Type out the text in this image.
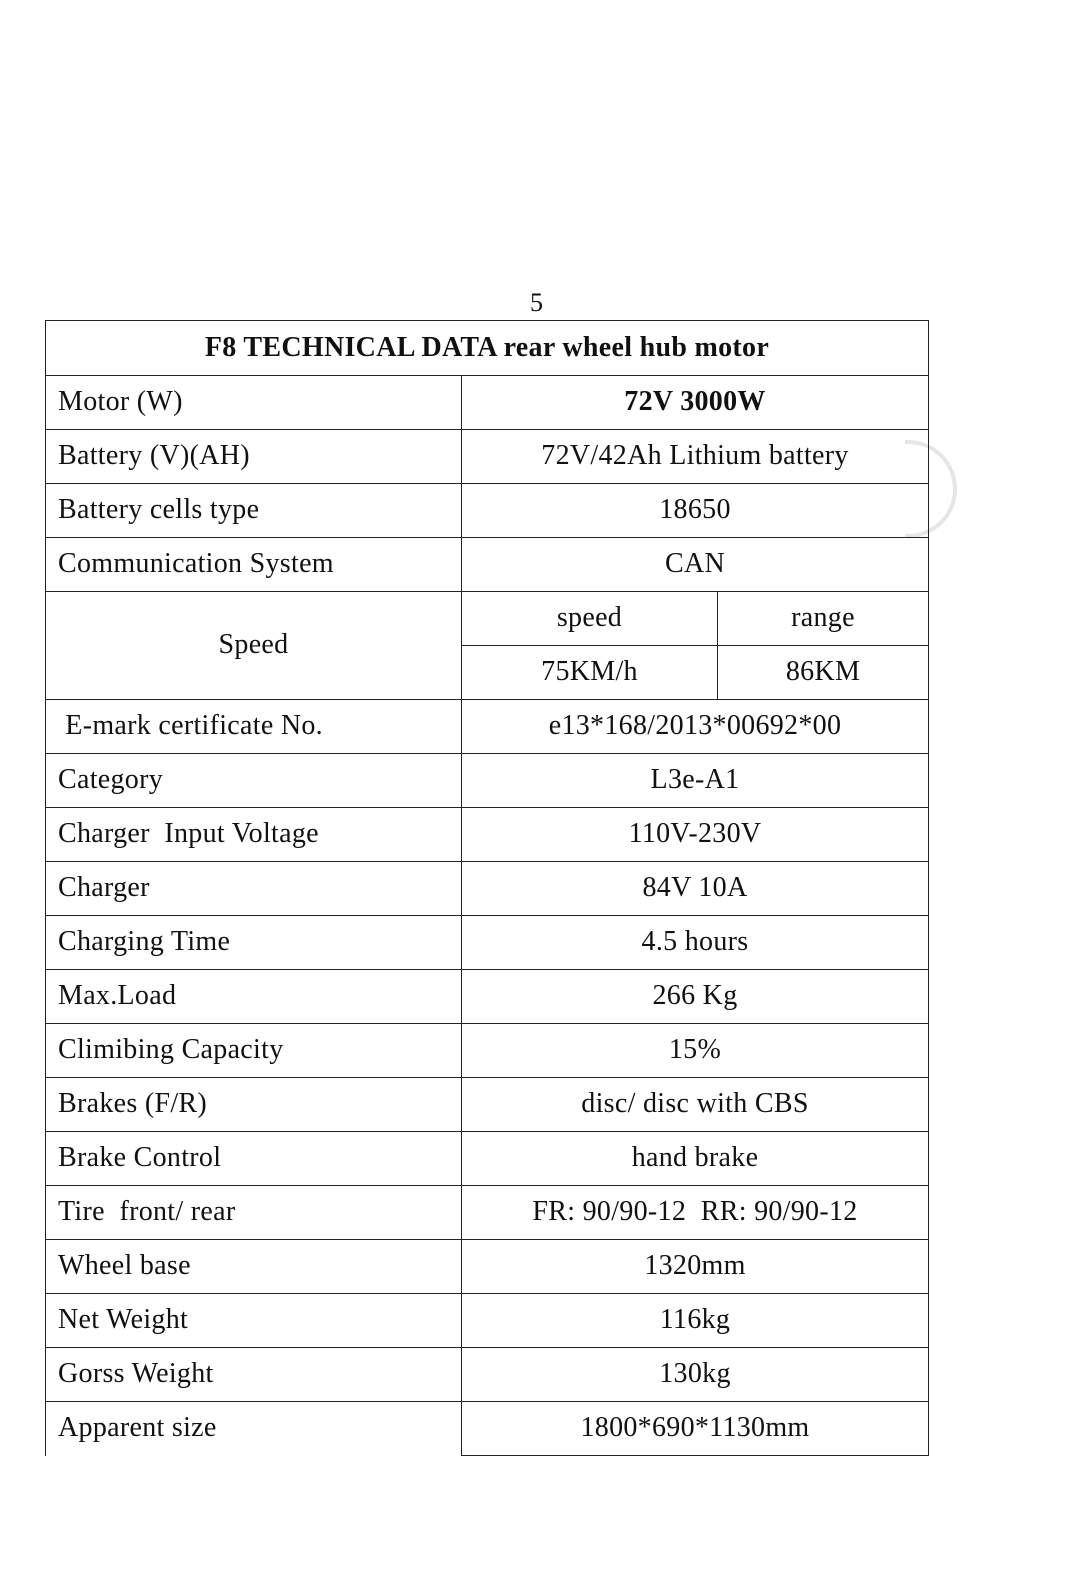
5
F8 TECHNICAL DATA rear wheel hub motor		
Motor (W)	72V 3000W	
Battery (V)(AH)	72V/42Ah Lithium battery	
Battery cells type	18650	
Communication System	CAN	
Speed	speed	range
	75KM/h	86KM
E-mark certificate No.	e13*168/2013*00692*00	
Category	L3e-A1	
Charger  Input Voltage	110V-230V	
Charger	84V 10A	
Charging Time	4.5 hours	
Max.Load	266 Kg	
Climibing Capacity	15%	
Brakes (F/R)	disc/ disc with CBS	
Brake Control	hand brake	
Tire  front/ rear	FR: 90/90-12  RR: 90/90-12	
Wheel base	1320mm	
Net Weight	116kg	
Gorss Weight	130kg	
Apparent size	1800*690*1130mm	
